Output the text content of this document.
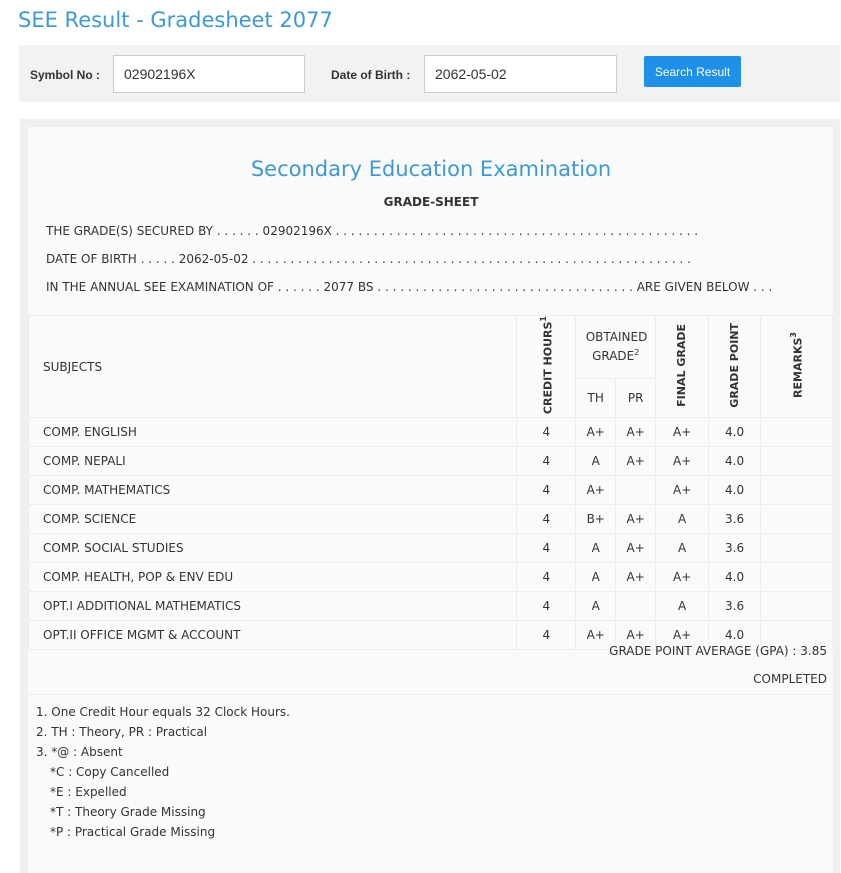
SEE Result - Gradesheet 2077
Symbol No :
02902196X	Date of Birth :
2062-05-02	Search Result
Secondary Education Examination
GRADE-SHEET
THE GRADE(S) SECURED BY . . . . . . 02902196X . . . . . . . . . . . . . . . . . . . . . . . . . . . . . . . . . . . . . . . . . . . . . . . .
DATE OF BIRTH . . . . . 2062-05-02 . . . . . . . . . . . . . . . . . . . . . . . . . . . . . . . . . . . . . . . . . . . . . . . . . . . . . . . . . .
IN THE ANNUAL SEE EXAMINATION OF . . . . . . 2077 BS . . . . . . . . . . . . . . . . . . . . . . . . . . . . . . . . . . ARE GIVEN BELOW . . .
SUBJECTS	CREDIT HOURS$^1$	OBTAINED GRADE$^2$		FINAL GRADE	GRADE POINT	REMARKS$^3$
		TH	PR			
COMP. ENGLISH	4	A+	A+	A+	4.0	
COMP. NEPALI	4	A	A+	A+	4.0	
COMP. MATHEMATICS	4	A+		A+	4.0	
COMP. SCIENCE	4	B+	A+	A	3.6	
COMP. SOCIAL STUDIES	4	A	A+	A	3.6	
COMP. HEALTH, POP & ENV EDU	4	A	A+	A+	4.0	
OPT.I ADDITIONAL MATHEMATICS	4	A		A	3.6	
OPT.II OFFICE MGMT & ACCOUNT	4	A+	A+	A+	4.0	
GRADE POINT AVERAGE (GPA) : 3.85
COMPLETED
1. One Credit Hour equals 32 Clock Hours.
2. TH : Theory, PR : Practical
3. *@ : Absent
*C : Copy Cancelled
*E : Expelled
*T : Theory Grade Missing
*P : Practical Grade Missing
